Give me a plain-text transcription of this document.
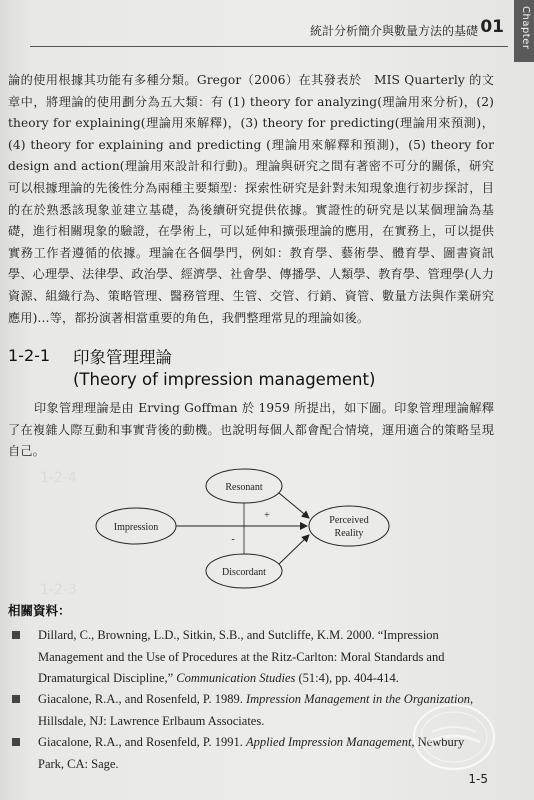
1-2-4
1-2-3
Chapter
統計分析簡介與數量方法的基礎 01
論的使用根據其功能有多種分類。Gregor（2006）在其發表於　MIS Quarterly 的文章中，將理論的使用劃分為五大類：有 (1) theory for analyzing(理論用來分析)，(2) theory for explaining(理論用來解釋)，(3) theory for predicting(理論用來預測)，(4) theory for explaining and predicting (理論用來解釋和預測)，(5) theory for design and action(理論用來設計和行動)。理論與研究之間有著密不可分的關係，研究可以根據理論的先後性分為兩種主要類型：探索性研究是針對未知現象進行初步探討，目的在於熟悉該現象並建立基礎，為後續研究提供依據。實證性的研究是以某個理論為基礎，進行相關現象的驗證，在學術上，可以延伸和擴張理論的應用，在實務上，可以提供實務工作者遵循的依據。理論在各個學門，例如：教育學、藝術學、體育學、圖書資訊學、心理學、法律學、政治學、經濟學、社會學、傳播學、人類學、教育學、管理學(人力資源、組織行為、策略管理、醫務管理、生管、交管、行銷、資管、數量方法與作業研究應用)…等，都扮演著相當重要的角色，我們整理常見的理論如後。
1-2-1 印象管理理論
(Theory of impression management)
印象管理理論是由 Erving Goffman 於 1959 所提出，如下圖。印象管理理論解釋了在複雜人際互動和事實背後的動機。也說明每個人都會配合情境，運用適合的策略呈現自己。
Resonant
Impression
Perceived
Reality
Discordant
+
-
相關資料：
Dillard, C., Browning, L.D., Sitkin, S.B., and Sutcliffe, K.M. 2000. “Impression Management and the Use of Procedures at the Ritz-Carlton: Moral Standards and Dramaturgical Discipline,” Communication Studies (51:4), pp. 404-414.
Giacalone, R.A., and Rosenfeld, P. 1989. Impression Management in the Organization, Hillsdale, NJ: Lawrence Erlbaum Associates.
Giacalone, R.A., and Rosenfeld, P. 1991. Applied Impression Management, Newbury Park, CA: Sage.
1-5
